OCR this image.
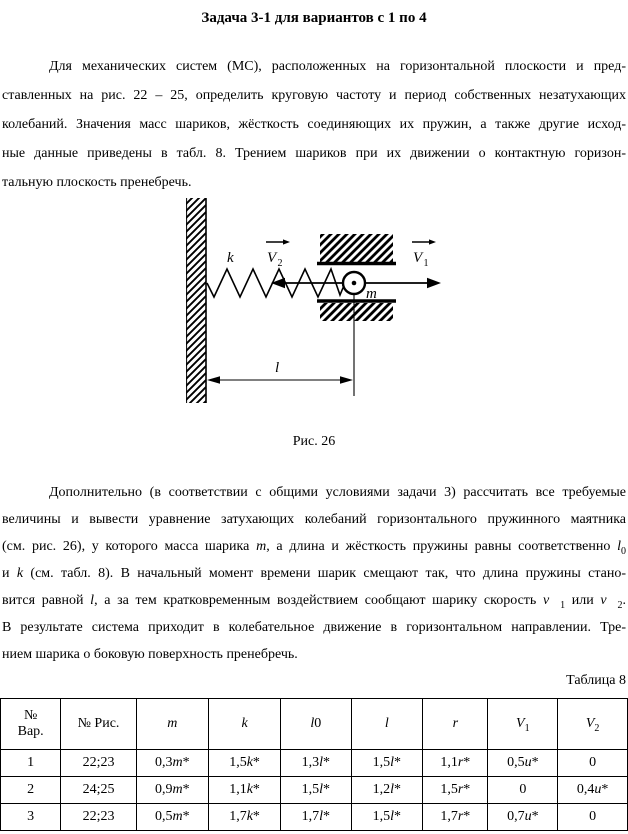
Задача 3-1 для вариантов с 1 по 4
Для механических систем (МС), расположенных на горизонтальной плоскости и пред-
ставленных на рис. 22 – 25, определить круговую частоту и период собственных незатухающих
колебаний. Значения масс шариков, жёсткость соединяющих их пружин, а также другие исход-
ные данные приведены в табл. 8. Трением шариков при их движении о контактную горизон-
тальную плоскость пренебречь.
k
m
l
V 2	V 1
Рис. 26
Дополнительно (в соответствии с общими условиями задачи 3) рассчитать все требуемые
величины и вывести уравнение затухающих колебаний горизонтального пружинного маятника
(см. рис. 26), у которого масса шарика m, а длина и жёсткость пружины равны соответственно $l_0$
и k (см. табл. 8). В начальный момент времени шарик смещают так, что длина пружины стано-
вится равной l, а за тем кратковременным воздействием сообщают шарику скорость $v⃗_1$ или $v⃗_2$.
В результате система приходит в колебательное движение в горизонтальном направлении. Тре-
нием шарика о боковую поверхность пренебречь.
Таблица 8
№
Вар.	№ Рис.	m	k	l0	l	r	$V_1$	$V_2$
1	22;23	0,3m*	1,5k*	1,3l*	1,5l*	1,1r*	0,5u*	0
2	24;25	0,9m*	1,1k*	1,5l*	1,2l*	1,5r*	0	0,4u*
3	22;23	0,5m*	1,7k*	1,7l*	1,5l*	1,7r*	0,7u*	0
